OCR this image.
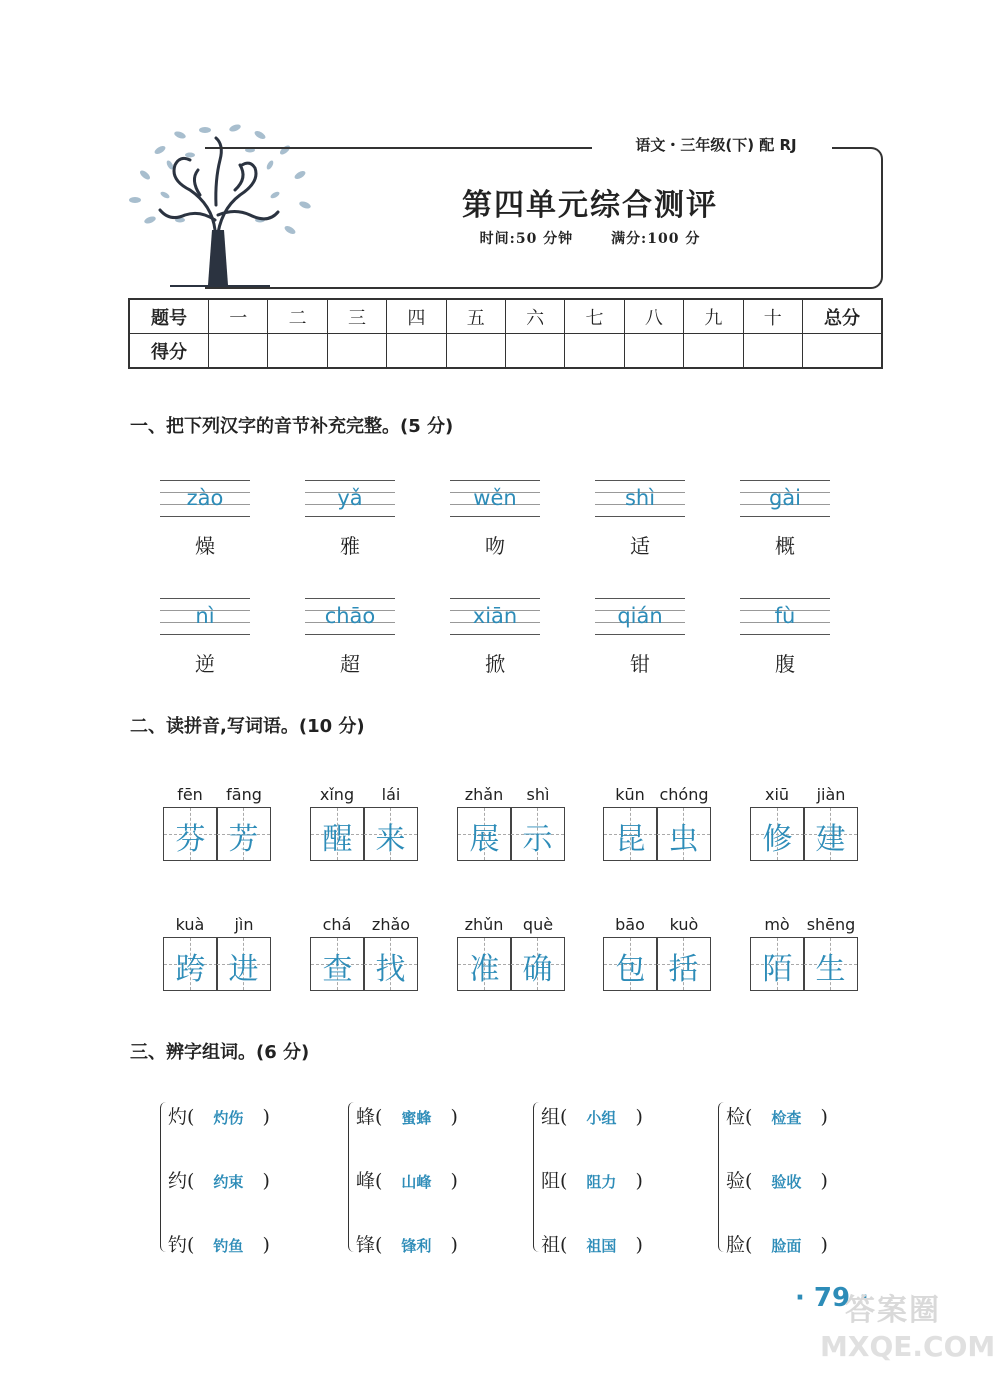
语文・三年级(下) 配 RJ
第四单元综合测评
时间:50 分钟	满分:100 分
题号	一	二	三	四	五	六	七	八	九	十	总分
得分											
一、把下列汉字的音节补充完整。(5 分)
zào
燥
yǎ
雅
wěn
吻
shì
适
gài
概
nì
逆
chāo
超
xiān
掀
qián
钳
fù
腹
二、读拼音,写词语。(10 分)
fēn	fāng
芬 芳
xǐng	lái
醒 来
zhǎn	shì
展 示
kūn chóng
昆 虫
xiū	jiàn
修 建
kuà	jìn
跨 进
chá	zhǎo
查 找
zhǔn	què
准 确
bāo	kuò
包 括
mò	shēng
陌 生
三、辨字组词。(6 分)
灼( 灼伤 )
约( 约束 )
钓( 钓鱼 )
蜂( 蜜蜂 )
峰( 山峰 )
锋( 锋利 )
组( 小组 )
阻( 阻力 )
祖( 祖国 )
检( 检查 )
验( 验收 )
脸( 脸面 )
· 79 ·
答案圈
MXQE.COM
